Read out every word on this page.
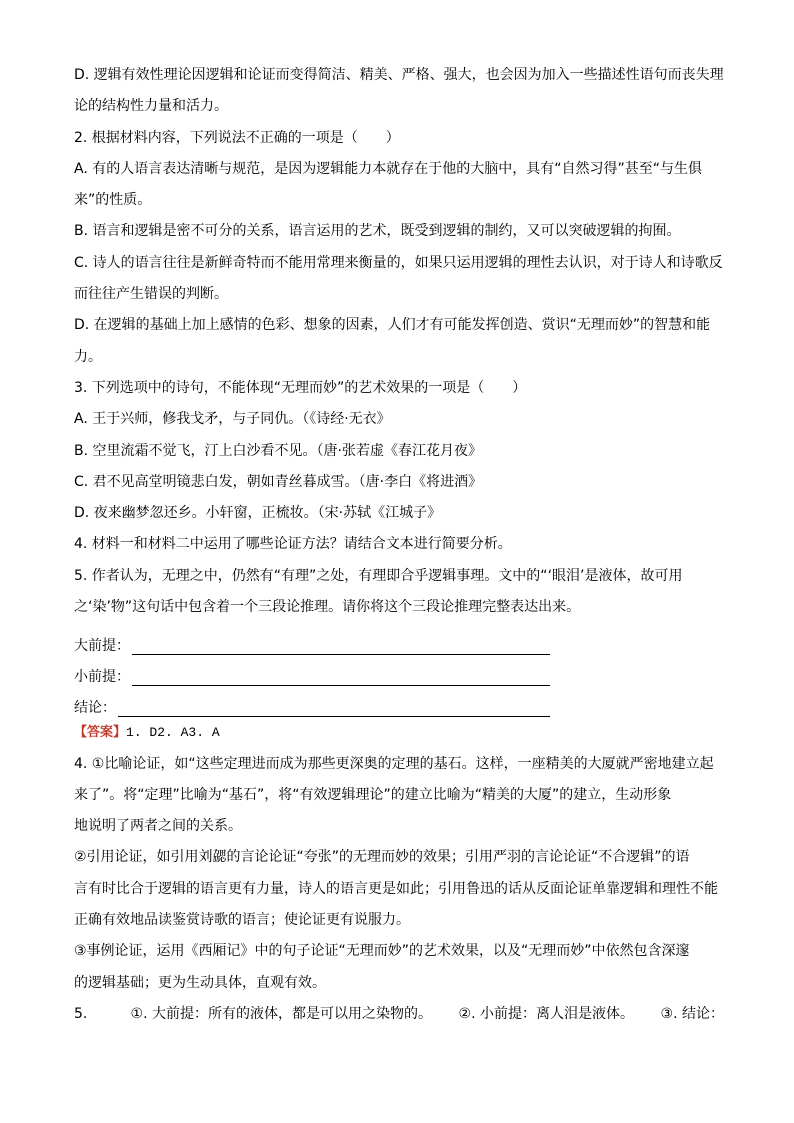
D. 逻辑有效性理论因逻辑和论证而变得简洁、精美、严格、强大，也会因为加入一些描述性语句而丧失理
论的结构性力量和活力。
2. 根据材料内容，下列说法不正确的一项是（　　）
A. 有的人语言表达清晰与规范，是因为逻辑能力本就存在于他的大脑中，具有“自然习得”甚至“与生俱
来”的性质。
B. 语言和逻辑是密不可分的关系，语言运用的艺术，既受到逻辑的制约，又可以突破逻辑的拘囿。
C. 诗人的语言往往是新鲜奇特而不能用常理来衡量的，如果只运用逻辑的理性去认识，对于诗人和诗歌反
而往往产生错误的判断。
D. 在逻辑的基础上加上感情的色彩、想象的因素，人们才有可能发挥创造、赏识“无理而妙”的智慧和能
力。
3. 下列选项中的诗句，不能体现“无理而妙”的艺术效果的一项是（　　）
A. 王于兴师，修我戈矛，与子同仇。（《诗经·无衣》
B. 空里流霜不觉飞，汀上白沙看不见。（唐·张若虚《春江花月夜》
C. 君不见高堂明镜悲白发，朝如青丝暮成雪。（唐·李白《将进酒》
D. 夜来幽梦忽还乡。小轩窗，正梳妆。（宋·苏轼《江城子》
4. 材料一和材料二中运用了哪些论证方法？请结合文本进行简要分析。
5. 作者认为，无理之中，仍然有“有理”之处，有理即合乎逻辑事理。文中的“‘眼泪’是液体，故可用
之‘染’物”这句话中包含着一个三段论推理。请你将这个三段论推理完整表达出来。
大前提：
小前提：
结论：
【答案】1. D2. A3. A
4. ①比喻论证，如“这些定理进而成为那些更深奥的定理的基石。这样，一座精美的大厦就严密地建立起
来了”。将“定理”比喻为“基石”，将“有效逻辑理论”的建立比喻为“精美的大厦”的建立，生动形象
地说明了两者之间的关系。
②引用论证，如引用刘勰的言论论证“夸张”的无理而妙的效果；引用严羽的言论论证“不合逻辑”的语
言有时比合于逻辑的语言更有力量，诗人的语言更是如此；引用鲁迅的话从反面论证单靠逻辑和理性不能
正确有效地品读鉴赏诗歌的语言；使论证更有说服力。
③事例论证，运用《西厢记》中的句子论证“无理而妙”的艺术效果，以及“无理而妙”中依然包含深邃
的逻辑基础；更为生动具体，直观有效。
5.	①. 大前提：所有的液体，都是可以用之染物的。 ②. 小前提：离人泪是液体。 ③. 结论：
